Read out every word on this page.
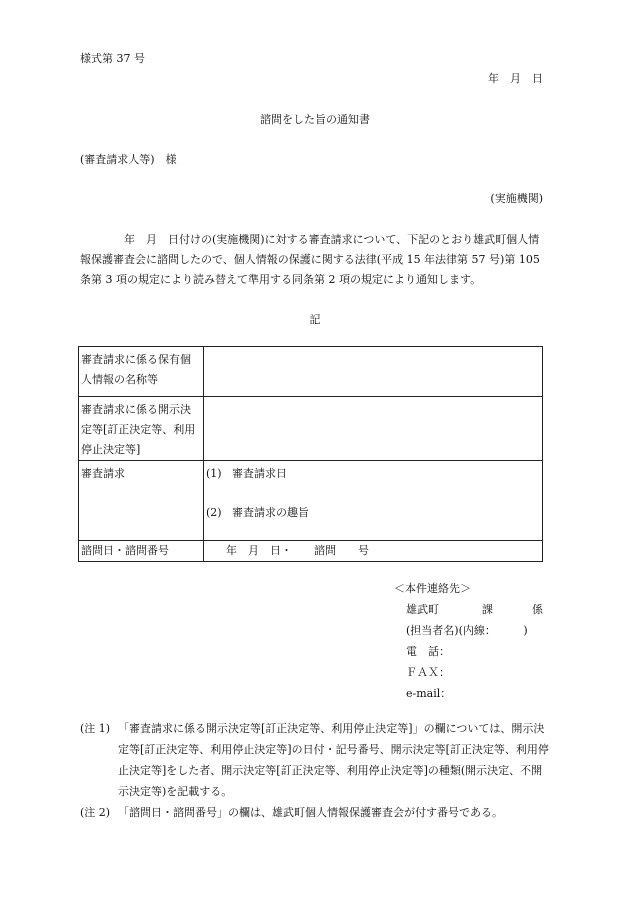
様式第 37 号
年　月　日
諮問をした旨の通知書
(審査請求人等)　様
(実施機関)
年　月　日付けの(実施機関)に対する審査請求について、下記のとおり雄武町個人情報保護審査会に諮問したので、個人情報の保護に関する法律(平成 15 年法律第 57 号)第 105 条第 3 項の規定により読み替えて準用する同条第 2 項の規定により通知します。
記
審査請求に係る保有個人情報の名称等	
審査請求に係る開示決定等[訂正決定等、利用停止決定等]	
審査請求	(1) 審査請求日
(2) 審査請求の趣旨

諮問日・諮問番号	年　月　日・　　諮問　　号
＜本件連絡先＞
雄武町	課	係
(担当者名)(内線：　　　)
電　話：
ＦＡＸ：
e-mail：
(注 1) 「審査請求に係る開示決定等[訂正決定等、利用停止決定等]」の欄については、開示決定等[訂正決定等、利用停止決定等]の日付・記号番号、開示決定等[訂正決定等、利用停止決定等]をした者、開示決定等[訂正決定等、利用停止決定等]の種類(開示決定、不開示決定等)を記載する。
(注 2) 「諮問日・諮問番号」の欄は、雄武町個人情報保護審査会が付す番号である。
